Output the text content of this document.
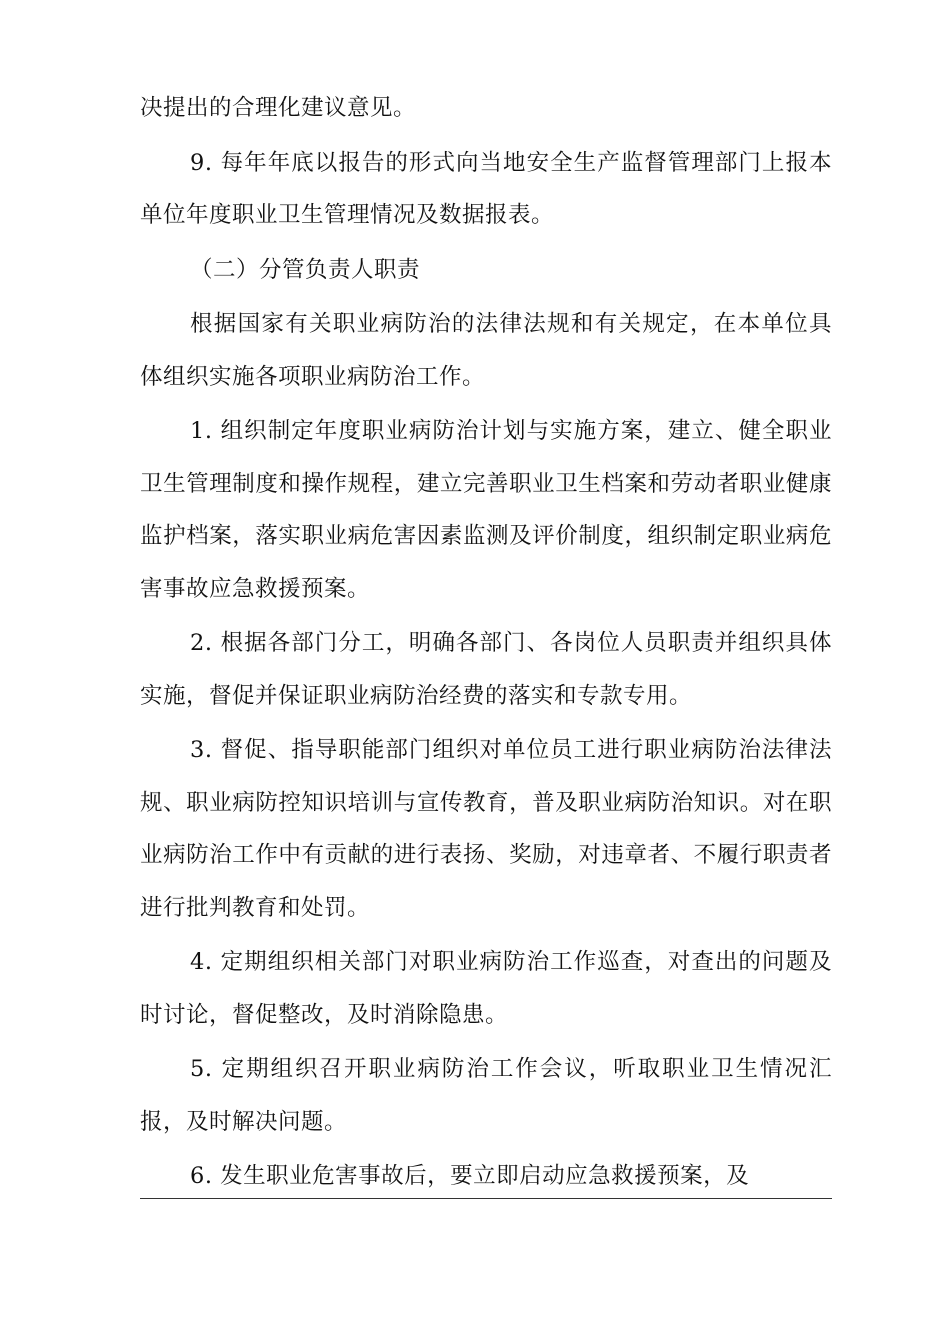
决提出的合理化建议意见。

9. 每年年底以报告的形式向当地安全生产监督管理部门上报本单位年度职业卫生管理情况及数据报表。

（二）分管负责人职责

根据国家有关职业病防治的法律法规和有关规定，在本单位具体组织实施各项职业病防治工作。

1. 组织制定年度职业病防治计划与实施方案，建立、健全职业卫生管理制度和操作规程，建立完善职业卫生档案和劳动者职业健康监护档案，落实职业病危害因素监测及评价制度，组织制定职业病危害事故应急救援预案。

2. 根据各部门分工，明确各部门、各岗位人员职责并组织具体实施，督促并保证职业病防治经费的落实和专款专用。

3. 督促、指导职能部门组织对单位员工进行职业病防治法律法规、职业病防控知识培训与宣传教育，普及职业病防治知识。对在职业病防治工作中有贡献的进行表扬、奖励，对违章者、不履行职责者进行批判教育和处罚。

4. 定期组织相关部门对职业病防治工作巡查，对查出的问题及时讨论，督促整改，及时消除隐患。

5. 定期组织召开职业病防治工作会议，听取职业卫生情况汇报，及时解决问题。

6. 发生职业危害事故后，要立即启动应急救援预案，及
